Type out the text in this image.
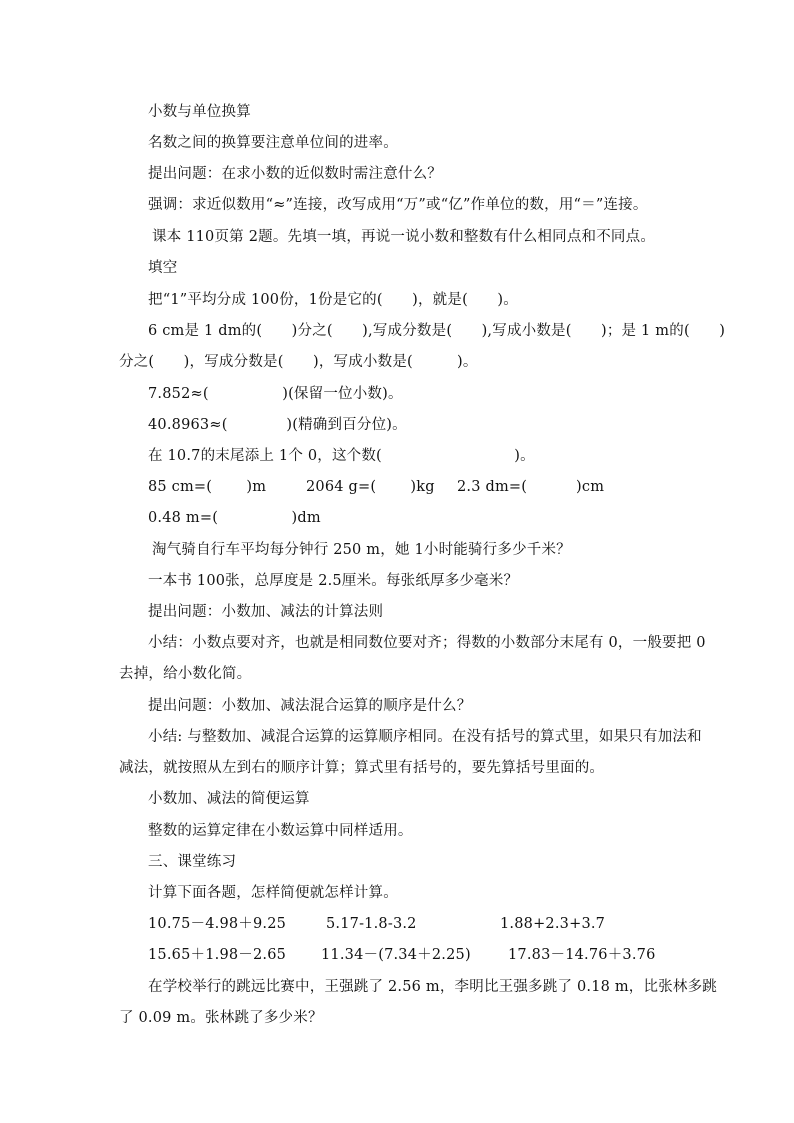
小数与单位换算
名数之间的换算要注意单位间的进率。
提出问题：在求小数的近似数时需注意什么？
强调：求近似数用“≈”连接，改写成用“万”或“亿”作单位的数，用“＝”连接。
课本 110页第 2题。先填一填，再说一说小数和整数有什么相同点和不同点。
填空
把“1”平均分成 100份，1份是它的(　　)，就是(　　)。
6 cm是 1 dm的(　　)分之(　　),写成分数是(　　),写成小数是(　　)；是 1 m的(　　)
分之(　　)，写成分数是(　　)，写成小数是(　　　)。
7.852≈(　　　　　)(保留一位小数)。
40.8963≈(　　　　)(精确到百分位)。
在 10.7的末尾添上 1个 0，这个数(　　　　　　　　　)。
85 cm=(　　 )m	2064 g=(　　 )kg 2.3 dm=(　　　 )cm
0.48 m=(　　　　　)dm
淘气骑自行车平均每分钟行 250 m，她 1小时能骑行多少千米？
一本书 100张，总厚度是 2.5厘米。每张纸厚多少毫米？
提出问题：小数加、减法的计算法则
小结：小数点要对齐，也就是相同数位要对齐；得数的小数部分末尾有 0，一般要把 0
去掉，给小数化简。
提出问题：小数加、减法混合运算的顺序是什么？
小结: 与整数加、减混合运算的运算顺序相同。在没有括号的算式里，如果只有加法和
减法，就按照从左到右的顺序计算；算式里有括号的，要先算括号里面的。
小数加、减法的简便运算
整数的运算定律在小数运算中同样适用。
三、课堂练习
计算下面各题，怎样简便就怎样计算。
10.75－4.98＋9.25	5.17-1.8-3.2	1.88+2.3+3.7
15.65＋1.98－2.65 11.34－(7.34＋2.25)	17.83－14.76＋3.76
在学校举行的跳远比赛中，王强跳了 2.56 m，李明比王强多跳了 0.18 m，比张林多跳
了 0.09 m。张林跳了多少米？
